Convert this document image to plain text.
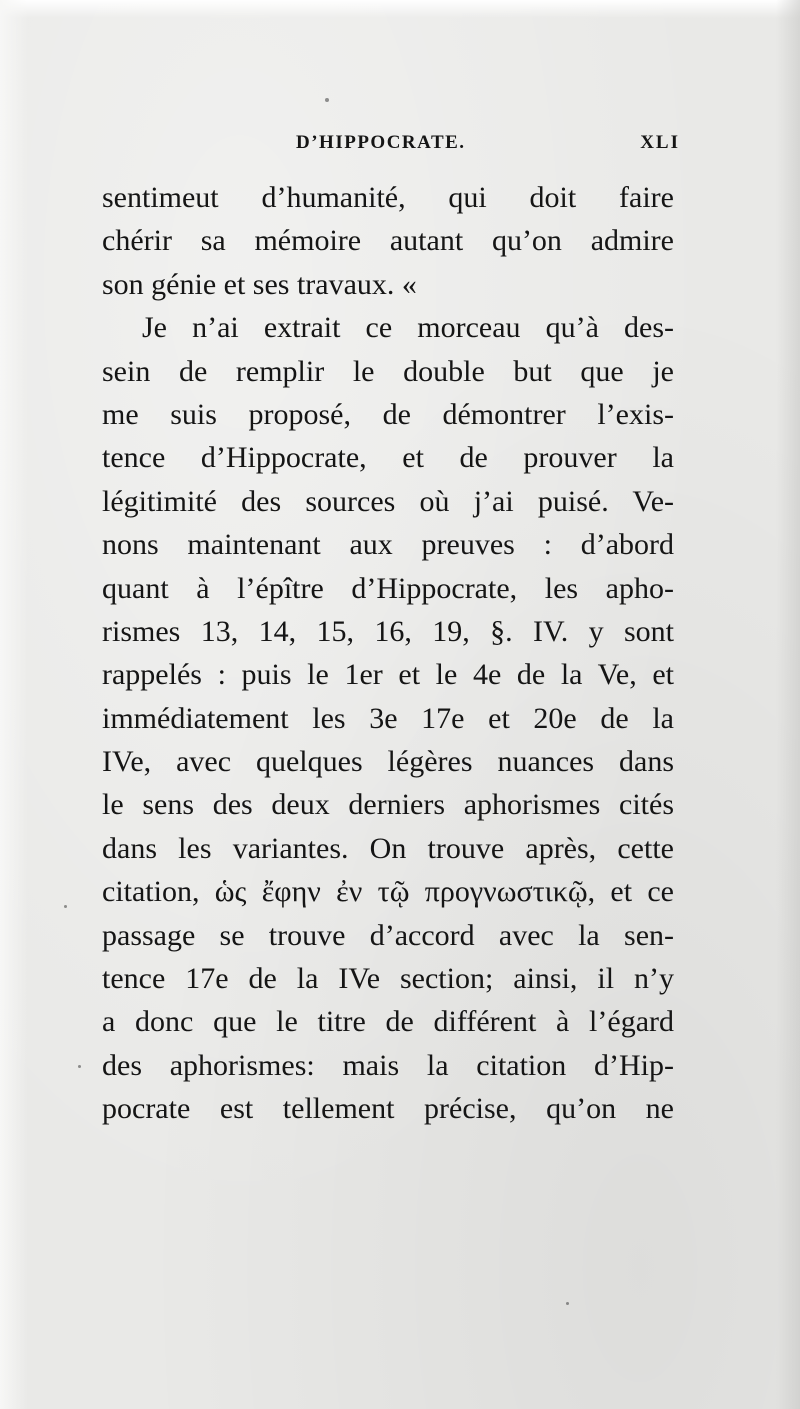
D’HIPPOCRATE.	XLI
sentimeut d’humanité, qui doit faire
chérir sa mémoire autant qu’on admire
son génie et ses travaux. «
Je n’ai extrait ce morceau qu’à des-
sein de remplir le double but que je
me suis proposé, de démontrer l’exis-
tence d’Hippocrate, et de prouver la
légitimité des sources où j’ai puisé. Ve-
nons maintenant aux preuves : d’abord
quant à l’épître d’Hippocrate, les apho-
rismes 13, 14, 15, 16, 19, §. IV. y sont
rappelés : puis le 1er et le 4e de la Ve, et
immédiatement les 3e 17e et 20e de la
IVe, avec quelques légères nuances dans
le sens des deux derniers aphorismes cités
dans les variantes. On trouve après, cette
citation, ὡς ἔφην ἐν τῷ προγνωστικῷ, et ce
passage se trouve d’accord avec la sen-
tence 17e de la IVe section; ainsi, il n’y
a donc que le titre de différent à l’égard
des aphorismes: mais la citation d’Hip-
pocrate est tellement précise, qu’on ne
